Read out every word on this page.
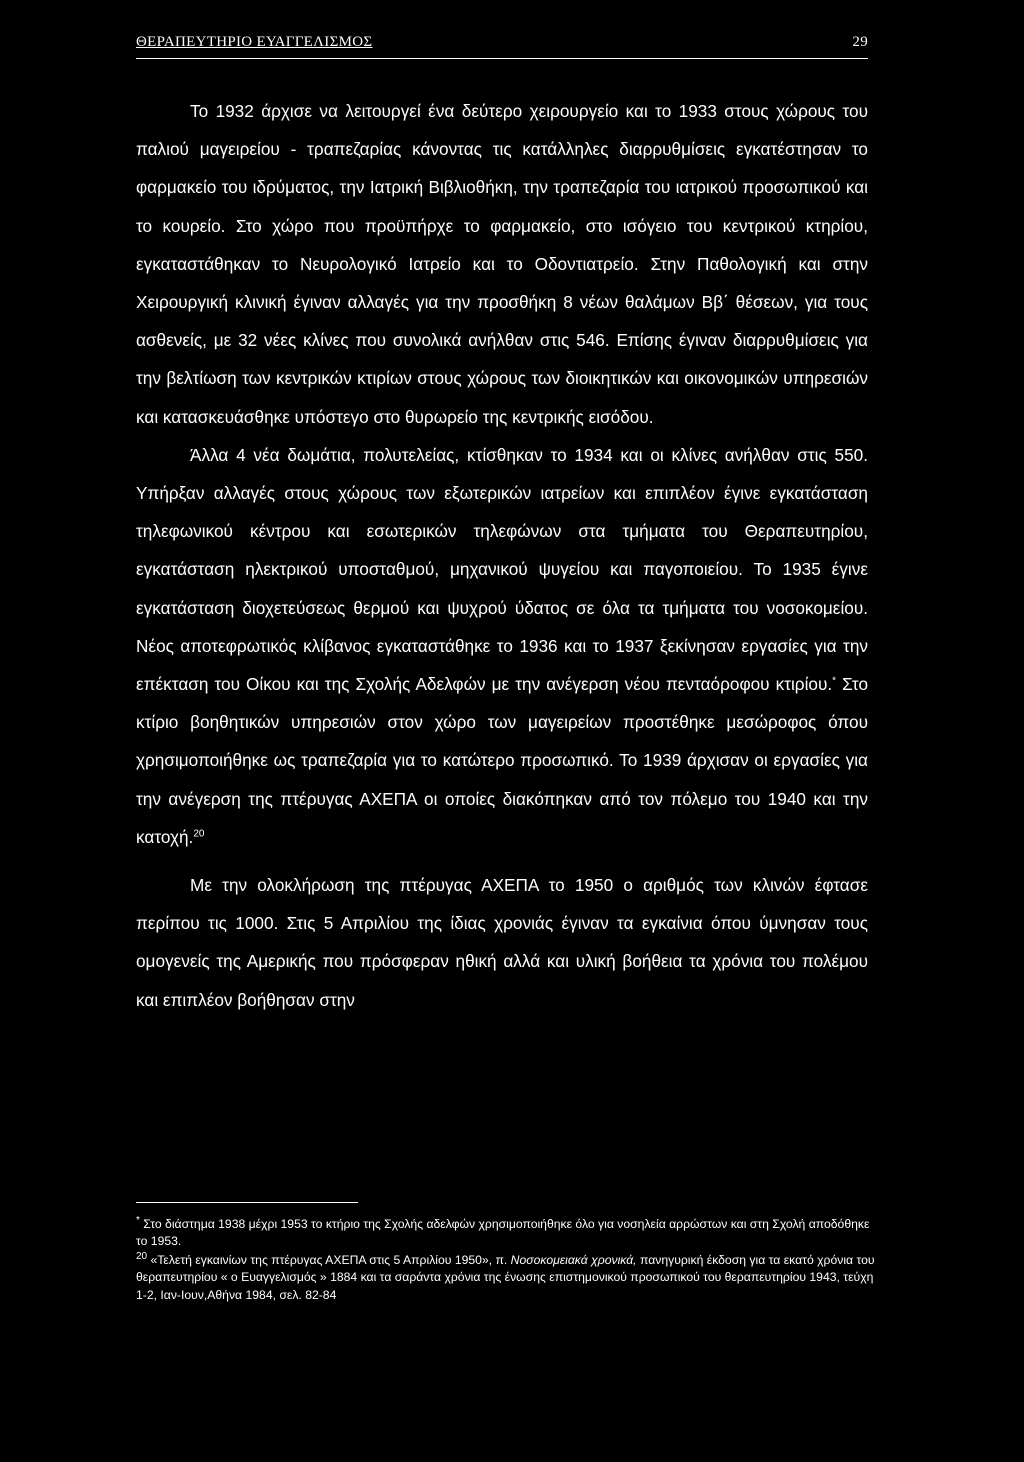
ΘΕΡΑΠΕΥΤΗΡΙΟ ΕΥΑΓΓΕΛΙΣΜΟΣ	29

Το 1932 άρχισε να λειτουργεί ένα δεύτερο χειρουργείο και το 1933 στους χώρους του παλιού μαγειρείου - τραπεζαρίας κάνοντας τις κατάλληλες διαρρυθμίσεις εγκατέστησαν το φαρμακείο του ιδρύματος, την Ιατρική Βιβλιοθήκη, την τραπεζαρία του ιατρικού προσωπικού και το κουρείο. Στο χώρο που προϋπήρχε το φαρμακείο, στο ισόγειο του κεντρικού κτηρίου, εγκαταστάθηκαν το Νευρολογικό Ιατρείο και το Οδοντιατρείο. Στην Παθολογική και στην Χειρουργική κλινική έγιναν αλλαγές για την προσθήκη 8 νέων θαλάμων Ββ΄ θέσεων, για τους ασθενείς, με 32 νέες κλίνες που συνολικά ανήλθαν στις 546. Επίσης έγιναν διαρρυθμίσεις για την βελτίωση των κεντρικών κτιρίων στους χώρους των διοικητικών και οικονομικών υπηρεσιών και κατασκευάσθηκε υπόστεγο στο θυρωρείο της κεντρικής εισόδου.

Άλλα 4 νέα δωμάτια, πολυτελείας, κτίσθηκαν το 1934 και οι κλίνες ανήλθαν στις 550. Υπήρξαν αλλαγές στους χώρους των εξωτερικών ιατρείων και επιπλέον έγινε εγκατάσταση τηλεφωνικού κέντρου και εσωτερικών τηλεφώνων στα τμήματα του Θεραπευτηρίου, εγκατάσταση ηλεκτρικού υποσταθμού, μηχανικού ψυγείου και παγοποιείου. Το 1935 έγινε εγκατάσταση διοχετεύσεως θερμού και ψυχρού ύδατος σε όλα τα τμήματα του νοσοκομείου. Νέος αποτεφρωτικός κλίβανος εγκαταστάθηκε το 1936 και το 1937 ξεκίνησαν εργασίες για την επέκταση του Οίκου και της Σχολής Αδελφών με την ανέγερση νέου πενταόροφου κτιρίου.* Στο κτίριο βοηθητικών υπηρεσιών στον χώρο των μαγειρείων προστέθηκε μεσώροφος όπου χρησιμοποιήθηκε ως τραπεζαρία για το κατώτερο προσωπικό. Το 1939 άρχισαν οι εργασίες για την ανέγερση της πτέρυγας ΑΧΕΠΑ οι οποίες διακόπηκαν από τον πόλεμο του 1940 και την κατοχή.$^{20}$

Με την ολοκλήρωση της πτέρυγας ΑΧΕΠΑ το 1950 ο αριθμός των κλινών έφτασε περίπου τις 1000. Στις 5 Απριλίου της ίδιας χρονιάς έγιναν τα εγκαίνια όπου ύμνησαν τους ομογενείς της Αμερικής που πρόσφεραν ηθική αλλά και υλική βοήθεια τα χρόνια του πολέμου και επιπλέον βοήθησαν στην

* Στο διάστημα 1938 μέχρι 1953 το κτήριο της Σχολής αδελφών χρησιμοποιήθηκε όλο για νοσηλεία αρρώστων και στη Σχολή αποδόθηκε το 1953.

$^{20}$ «Τελετή εγκαινίων της πτέρυγας ΑΧΕΠΑ στις 5 Απριλίου 1950», π. Νοσοκομειακά χρονικά, πανηγυρική έκδοση για τα εκατό χρόνια του θεραπευτηρίου « ο Ευαγγελισμός » 1884 και τα σαράντα χρόνια της ένωσης επιστημονικού προσωπικού του θεραπευτηρίου 1943, τεύχη 1-2, Ιαν-Ιουν,Αθήνα 1984, σελ. 82-84
